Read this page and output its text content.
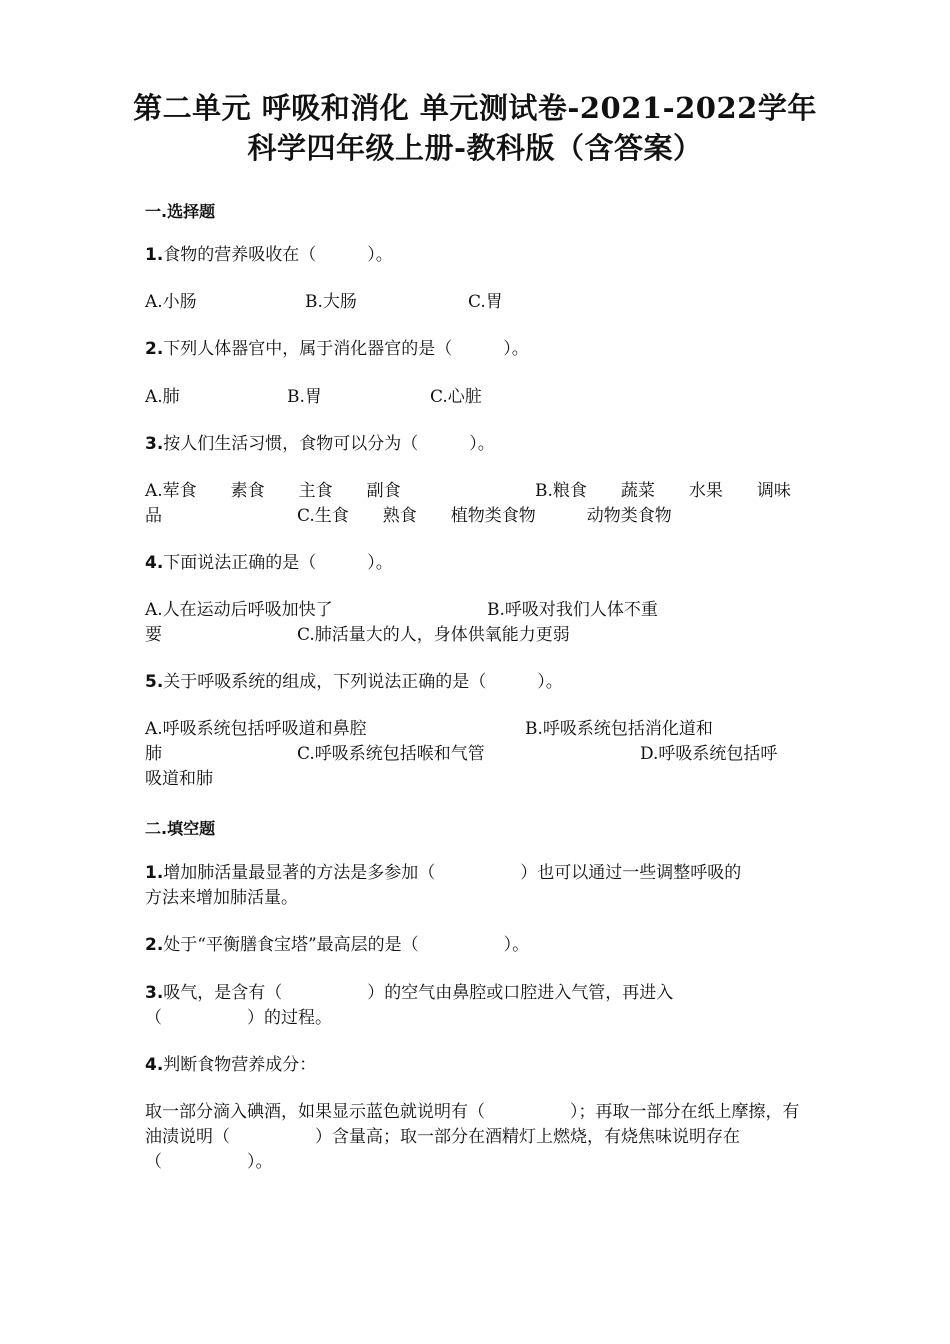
第二单元 呼吸和消化 单元测试卷-2021-2022学年
科学四年级上册-教科版（含答案）
一.选择题
1.食物的营养吸收在（　　　）。
A.小肠	B.大肠	C.胃
2.下列人体器官中，属于消化器官的是（　　　）。
A.肺	B.胃	C.心脏
3.按人们生活习惯，食物可以分为（　　　）。
A.荤食　　素食　　主食　　副食	B.粮食　　蔬菜　　水果　　调味
品	C.生食　　熟食　　植物类食物　　　动物类食物
4.下面说法正确的是（　　　）。
A.人在运动后呼吸加快了	B.呼吸对我们人体不重
要	C.肺活量大的人，身体供氧能力更弱
5.关于呼吸系统的组成，下列说法正确的是（　　　）。
A.呼吸系统包括呼吸道和鼻腔	B.呼吸系统包括消化道和
肺	C.呼吸系统包括喉和气管	D.呼吸系统包括呼
吸道和肺
二.填空题
1.增加肺活量最显著的方法是多参加（　　　　　）也可以通过一些调整呼吸的
方法来增加肺活量。
2.处于“平衡膳食宝塔”最高层的是（　　　　　）。
3.吸气，是含有（　　　　　）的空气由鼻腔或口腔进入气管，再进入
（　　　　　）的过程。
4.判断食物营养成分：
取一部分滴入碘酒，如果显示蓝色就说明有（　　　　　）；再取一部分在纸上摩擦，有油渍说明（　　　　　）含量高；取一部分在酒精灯上燃烧，有烧焦味说明存在（　　　　　）。
